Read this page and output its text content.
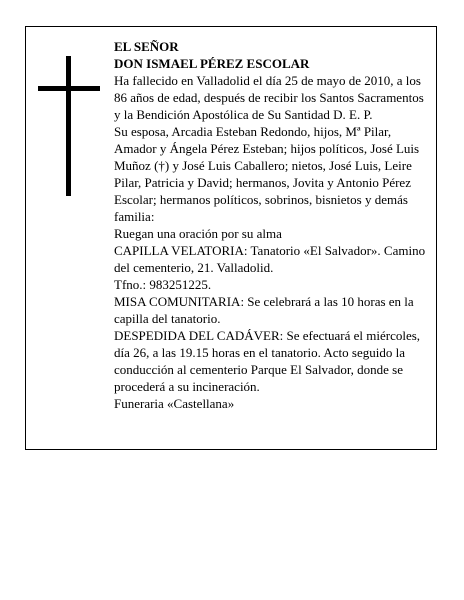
EL SEÑOR

DON ISMAEL PÉREZ ESCOLAR

Ha fallecido en Valladolid el día 25 de mayo de 2010, a los 86 años de edad, después de recibir los Santos Sacramentos y la Bendición Apostólica de Su Santidad D. E. P.

Su esposa, Arcadia Esteban Redondo, hijos, Mª Pilar, Amador y Ángela Pérez Esteban; hijos políticos, José Luis Muñoz (†) y José Luis Caballero; nietos, José Luis, Leire Pilar, Patricia y David; hermanos, Jovita y Antonio Pérez Escolar; hermanos políticos, sobrinos, bisnietos y demás familia:

Ruegan una oración por su alma

CAPILLA VELATORIA: Tanatorio «El Salvador». Camino del cementerio, 21. Valladolid.

Tfno.: 983251225.

MISA COMUNITARIA: Se celebrará a las 10 horas en la capilla del tanatorio.

DESPEDIDA DEL CADÁVER: Se efectuará el miércoles, día 26, a las 19.15 horas en el tanatorio. Acto seguido la conducción al cementerio Parque El Salvador, donde se procederá a su incineración.

Funeraria «Castellana»
